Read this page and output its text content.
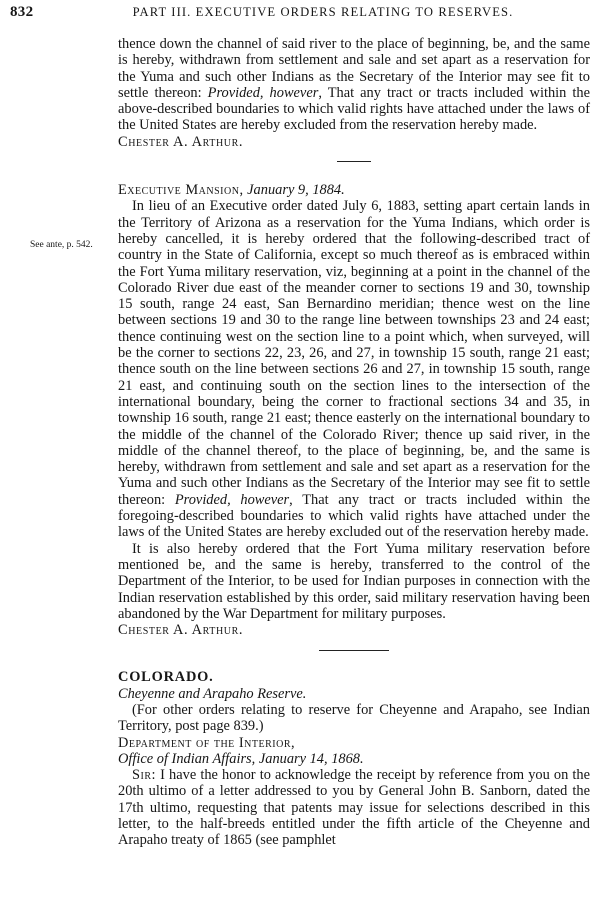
832	PART III. EXECUTIVE ORDERS RELATING TO RESERVES.
See ante, p. 542.

thence down the channel of said river to the place of beginning, be, and the same is hereby, withdrawn from settlement and sale and set apart as a reservation for the Yuma and such other Indians as the Secretary of the Interior may see fit to settle thereon: Provided, however, That any tract or tracts included within the above-described boundaries to which valid rights have attached under the laws of the United States are hereby excluded from the reservation hereby made.

Chester A. Arthur.

Executive Mansion, January 9, 1884.

In lieu of an Executive order dated July 6, 1883, setting apart certain lands in the Territory of Arizona as a reservation for the Yuma Indians, which order is hereby cancelled, it is hereby ordered that the following-described tract of country in the State of California, except so much thereof as is embraced within the Fort Yuma military reservation, viz, beginning at a point in the channel of the Colorado River due east of the meander corner to sections 19 and 30, township 15 south, range 24 east, San Bernardino meridian; thence west on the line between sections 19 and 30 to the range line between townships 23 and 24 east; thence continuing west on the section line to a point which, when surveyed, will be the corner to sections 22, 23, 26, and 27, in township 15 south, range 21 east; thence south on the line between sections 26 and 27, in township 15 south, range 21 east, and continuing south on the section lines to the intersection of the international boundary, being the corner to fractional sections 34 and 35, in township 16 south, range 21 east; thence easterly on the international boundary to the middle of the channel of the Colorado River; thence up said river, in the middle of the channel thereof, to the place of beginning, be, and the same is hereby, withdrawn from settlement and sale and set apart as a reservation for the Yuma and such other Indians as the Secretary of the Interior may see fit to settle thereon: Provided, however, That any tract or tracts included within the foregoing-described boundaries to which valid rights have attached under the laws of the United States are hereby excluded out of the reservation hereby made.

It is also hereby ordered that the Fort Yuma military reservation before mentioned be, and the same is hereby, transferred to the control of the Department of the Interior, to be used for Indian purposes in connection with the Indian reservation established by this order, said military reservation having been abandoned by the War Department for military purposes.

Chester A. Arthur.

COLORADO.

Cheyenne and Arapaho Reserve.

(For other orders relating to reserve for Cheyenne and Arapaho, see Indian Territory, post page 839.)

Department of the Interior,

Office of Indian Affairs, January 14, 1868.

Sir: I have the honor to acknowledge the receipt by reference from you on the 20th ultimo of a letter addressed to you by General John B. Sanborn, dated the 17th ultimo, requesting that patents may issue for selections described in this letter, to the half-breeds entitled under the fifth article of the Cheyenne and Arapaho treaty of 1865 (see pamphlet
